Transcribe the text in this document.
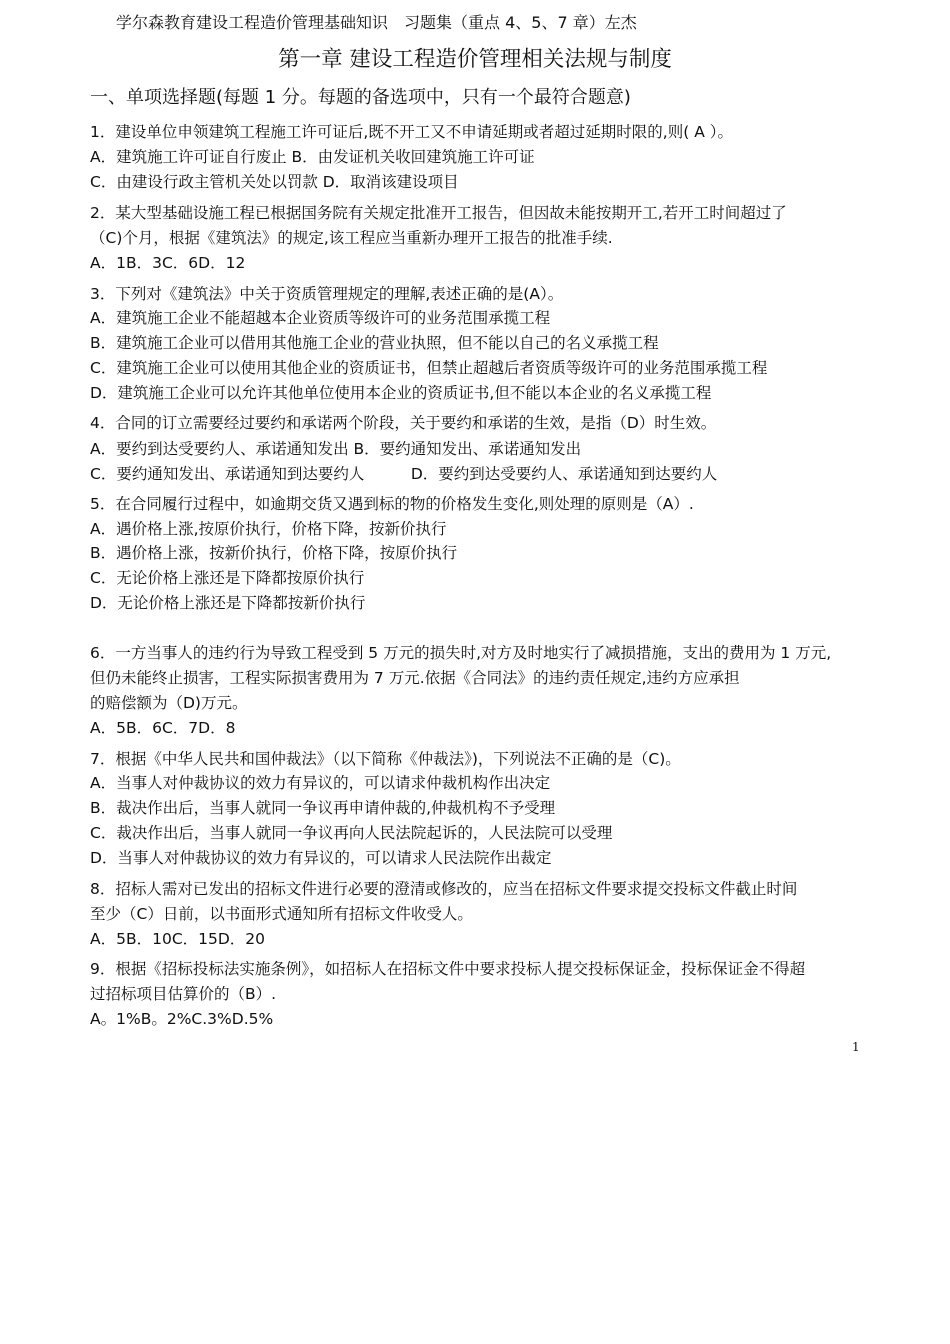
学尔森教育建设工程造价管理基础知识　习题集（重点 4、5、7 章）左杰
第一章 建设工程造价管理相关法规与制度
一、单项选择题(每题 1 分。每题的备选项中，只有一个最符合题意)
1．建设单位申领建筑工程施工许可证后,既不开工又不申请延期或者超过延期时限的,则( A ）。
A．建筑施工许可证自行废止 B．由发证机关收回建筑施工许可证
C．由建设行政主管机关处以罚款 D．取消该建设项目
2．某大型基础设施工程已根据国务院有关规定批准开工报告，但因故未能按期开工,若开工时间超过了
（C)个月，根据《建筑法》的规定,该工程应当重新办理开工报告的批准手续.
A．1B．3C．6D．12
3．下列对《建筑法》中关于资质管理规定的理解,表述正确的是(A）。
A．建筑施工企业不能超越本企业资质等级许可的业务范围承揽工程
B．建筑施工企业可以借用其他施工企业的营业执照，但不能以自己的名义承揽工程
C．建筑施工企业可以使用其他企业的资质证书，但禁止超越后者资质等级许可的业务范围承揽工程
D．建筑施工企业可以允许其他单位使用本企业的资质证书,但不能以本企业的名义承揽工程
4．合同的订立需要经过要约和承诺两个阶段，关于要约和承诺的生效，是指（D）时生效。
A．要约到达受要约人、承诺通知发出 B．要约通知发出、承诺通知发出
C．要约通知发出、承诺通知到达要约人　　　D．要约到达受要约人、承诺通知到达要约人
5．在合同履行过程中，如逾期交货又遇到标的物的价格发生变化,则处理的原则是（A）.
A．遇价格上涨,按原价执行，价格下降，按新价执行
B．遇价格上涨，按新价执行，价格下降，按原价执行
C．无论价格上涨还是下降都按原价执行
D．无论价格上涨还是下降都按新价执行
6．一方当事人的违约行为导致工程受到 5 万元的损失时,对方及时地实行了减损措施，支出的费用为 1 万元,
但仍未能终止损害，工程实际损害费用为 7 万元.依据《合同法》的违约责任规定,违约方应承担
的赔偿额为（D)万元。
A．5B．6C．7D．8
7．根据《中华人民共和国仲裁法》（以下简称《仲裁法》)，下列说法不正确的是（C)。
A．当事人对仲裁协议的效力有异议的，可以请求仲裁机构作出决定
B．裁决作出后，当事人就同一争议再申请仲裁的,仲裁机构不予受理
C．裁决作出后，当事人就同一争议再向人民法院起诉的，人民法院可以受理
D．当事人对仲裁协议的效力有异议的，可以请求人民法院作出裁定
8．招标人需对已发出的招标文件进行必要的澄清或修改的，应当在招标文件要求提交投标文件截止时间
至少（C）日前，以书面形式通知所有招标文件收受人。
A．5B．10C．15D．20
9．根据《招标投标法实施条例》，如招标人在招标文件中要求投标人提交投标保证金，投标保证金不得超
过招标项目估算价的（B）.
A。1%B。2%C.3%D.5%
1
